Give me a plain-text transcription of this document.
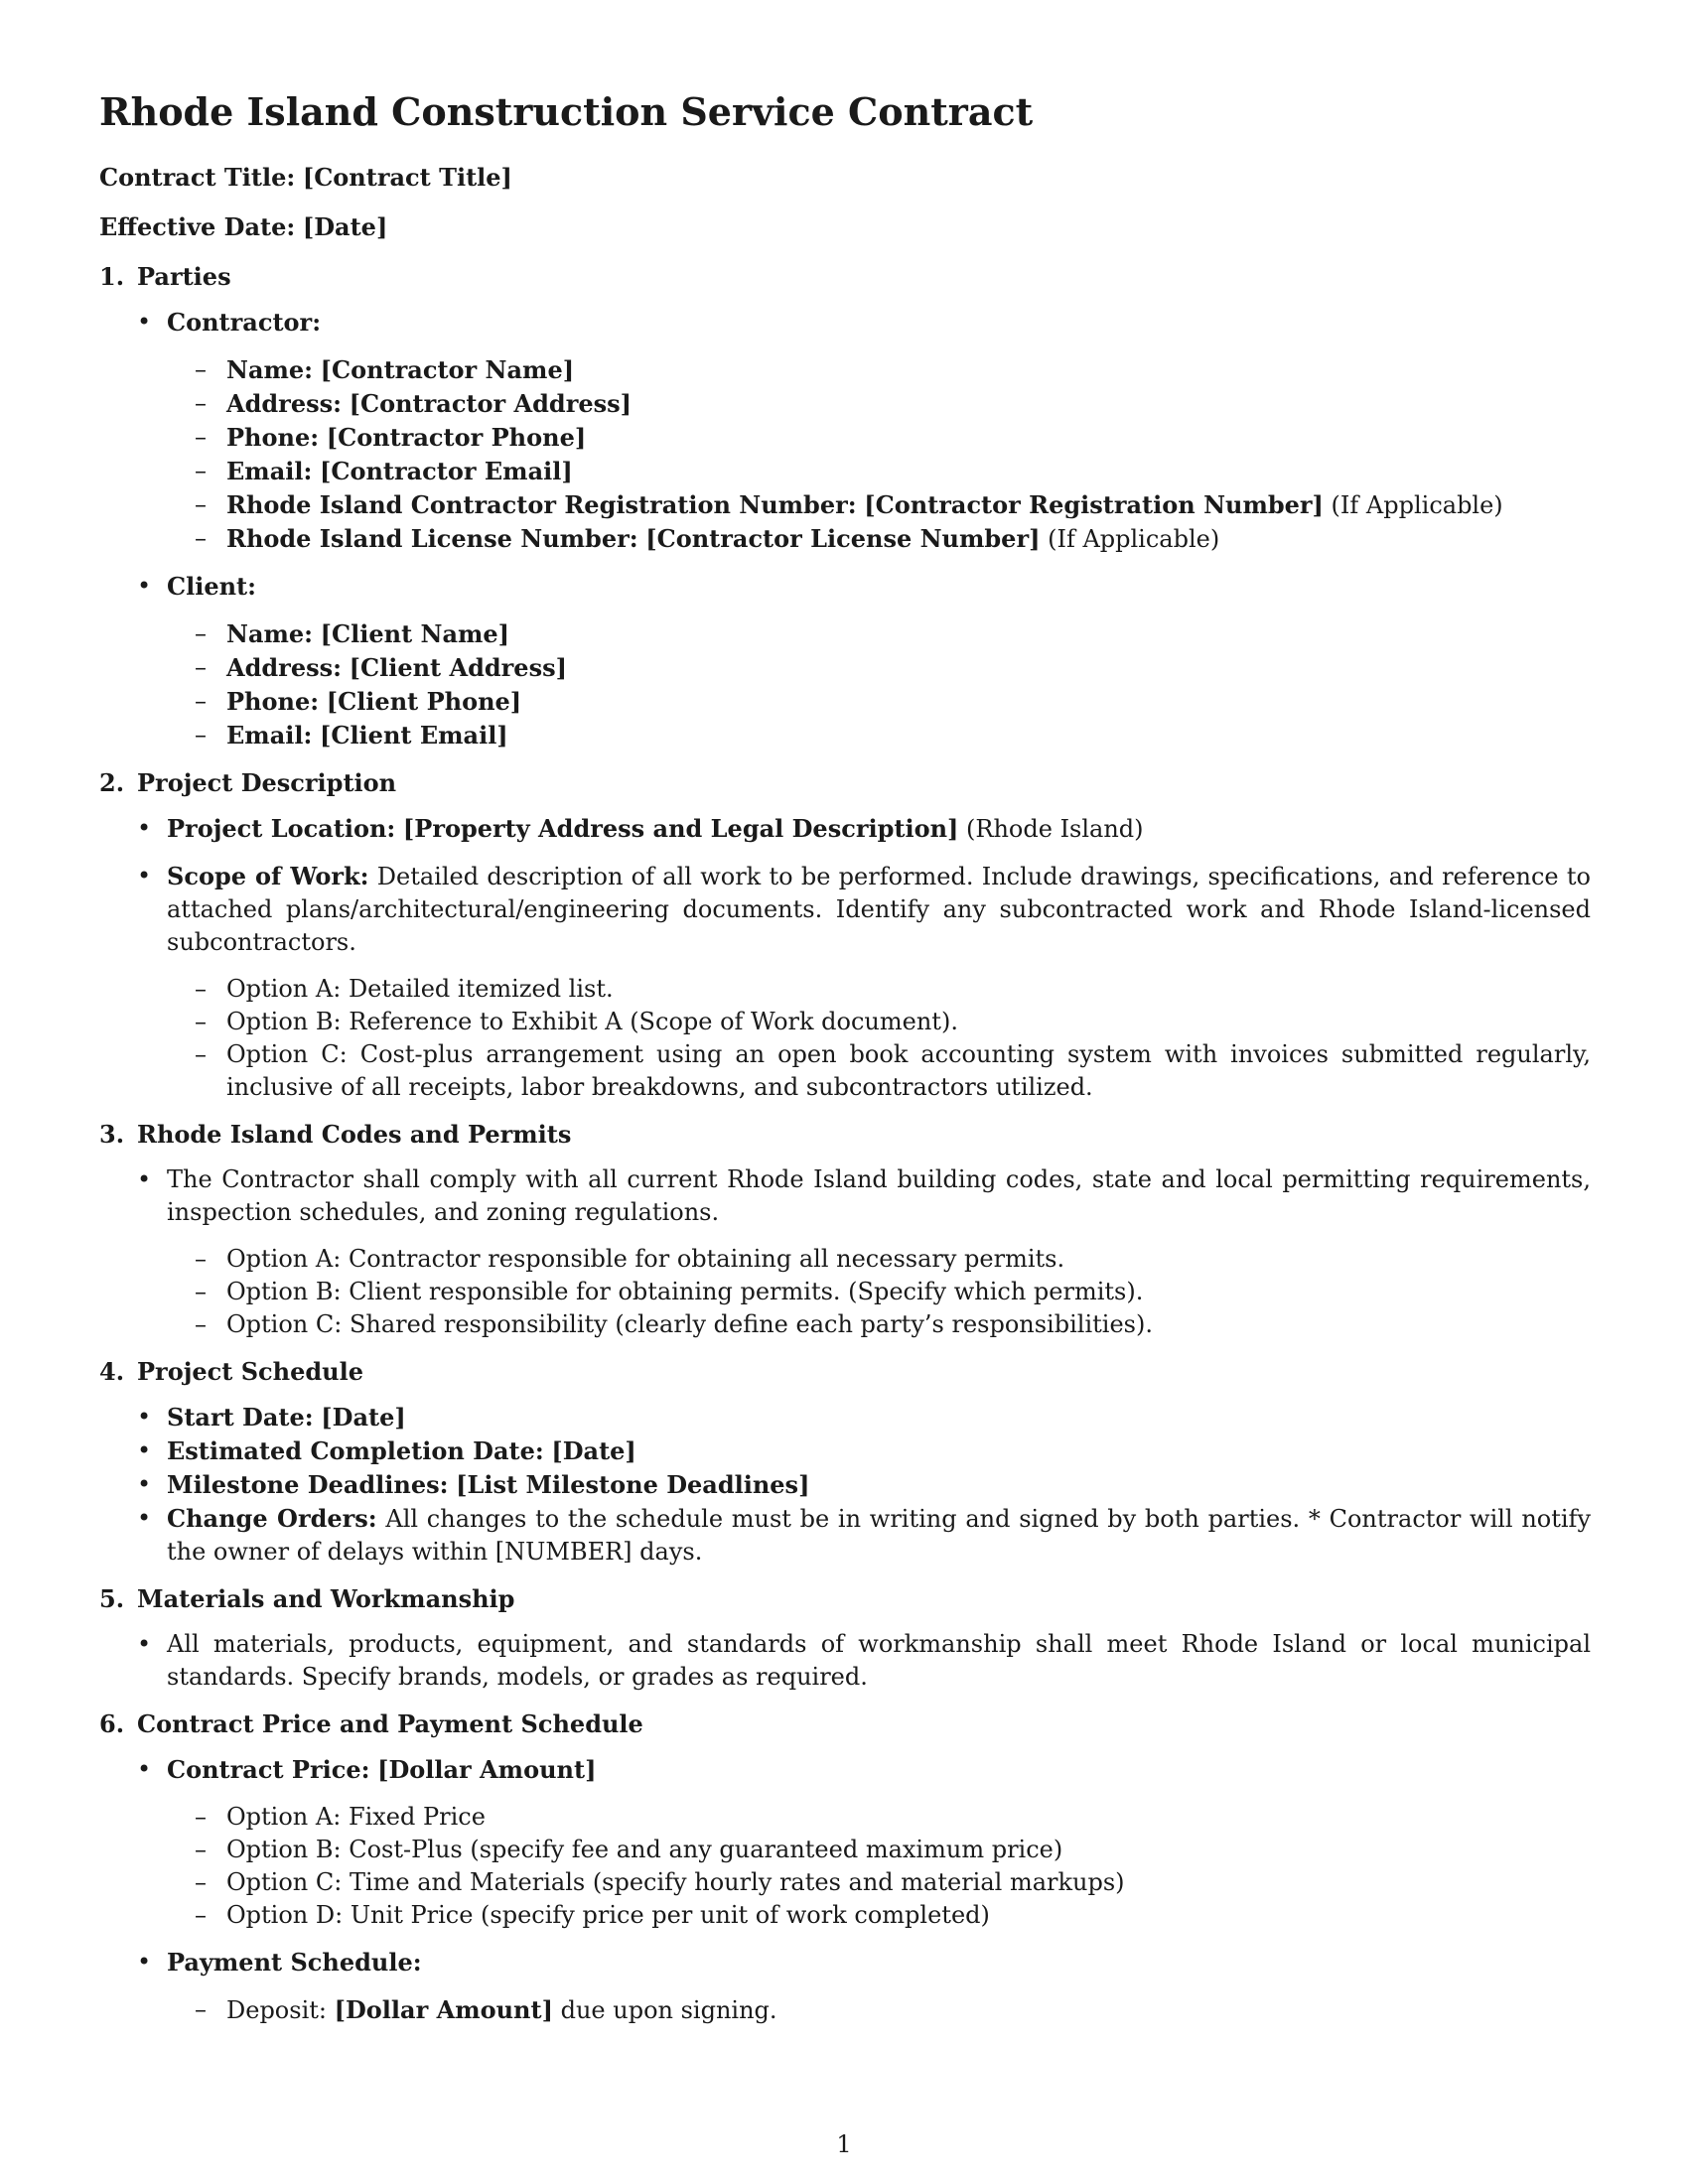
Rhode Island Construction Service Contract

Contract Title: [Contract Title]

Effective Date: [Date]

1. Parties
• Contractor:
– Name: [Contractor Name]
– Address: [Contractor Address]
– Phone: [Contractor Phone]
– Email: [Contractor Email]
– Rhode Island Contractor Registration Number: [Contractor Registration Number] (If Applicable)
– Rhode Island License Number: [Contractor License Number] (If Applicable)
• Client:
– Name: [Client Name]
– Address: [Client Address]
– Phone: [Client Phone]
– Email: [Client Email]
2. Project Description
• Project Location: [Property Address and Legal Description] (Rhode Island)
• Scope of Work: Detailed description of all work to be performed. Include drawings, specifications, and reference to attached plans/architectural/engineering documents. Identify any subcontracted work and Rhode Island-licensed subcontractors.
– Option A: Detailed itemized list.
– Option B: Reference to Exhibit A (Scope of Work document).
– Option C: Cost-plus arrangement using an open book accounting system with invoices submitted regularly, inclusive of all receipts, labor breakdowns, and subcontractors utilized.
3. Rhode Island Codes and Permits
• The Contractor shall comply with all current Rhode Island building codes, state and local permitting requirements, inspection schedules, and zoning regulations.
– Option A: Contractor responsible for obtaining all necessary permits.
– Option B: Client responsible for obtaining permits. (Specify which permits).
– Option C: Shared responsibility (clearly define each party’s responsibilities).
4. Project Schedule
• Start Date: [Date]
• Estimated Completion Date: [Date]
• Milestone Deadlines: [List Milestone Deadlines]
• Change Orders: All changes to the schedule must be in writing and signed by both parties. * Contractor will notify the owner of delays within [NUMBER] days.
5. Materials and Workmanship
• All materials, products, equipment, and standards of workmanship shall meet Rhode Island or local municipal standards. Specify brands, models, or grades as required.
6. Contract Price and Payment Schedule
• Contract Price: [Dollar Amount]
– Option A: Fixed Price
– Option B: Cost-Plus (specify fee and any guaranteed maximum price)
– Option C: Time and Materials (specify hourly rates and material markups)
– Option D: Unit Price (specify price per unit of work completed)
• Payment Schedule:
– Deposit: [Dollar Amount] due upon signing.
1
